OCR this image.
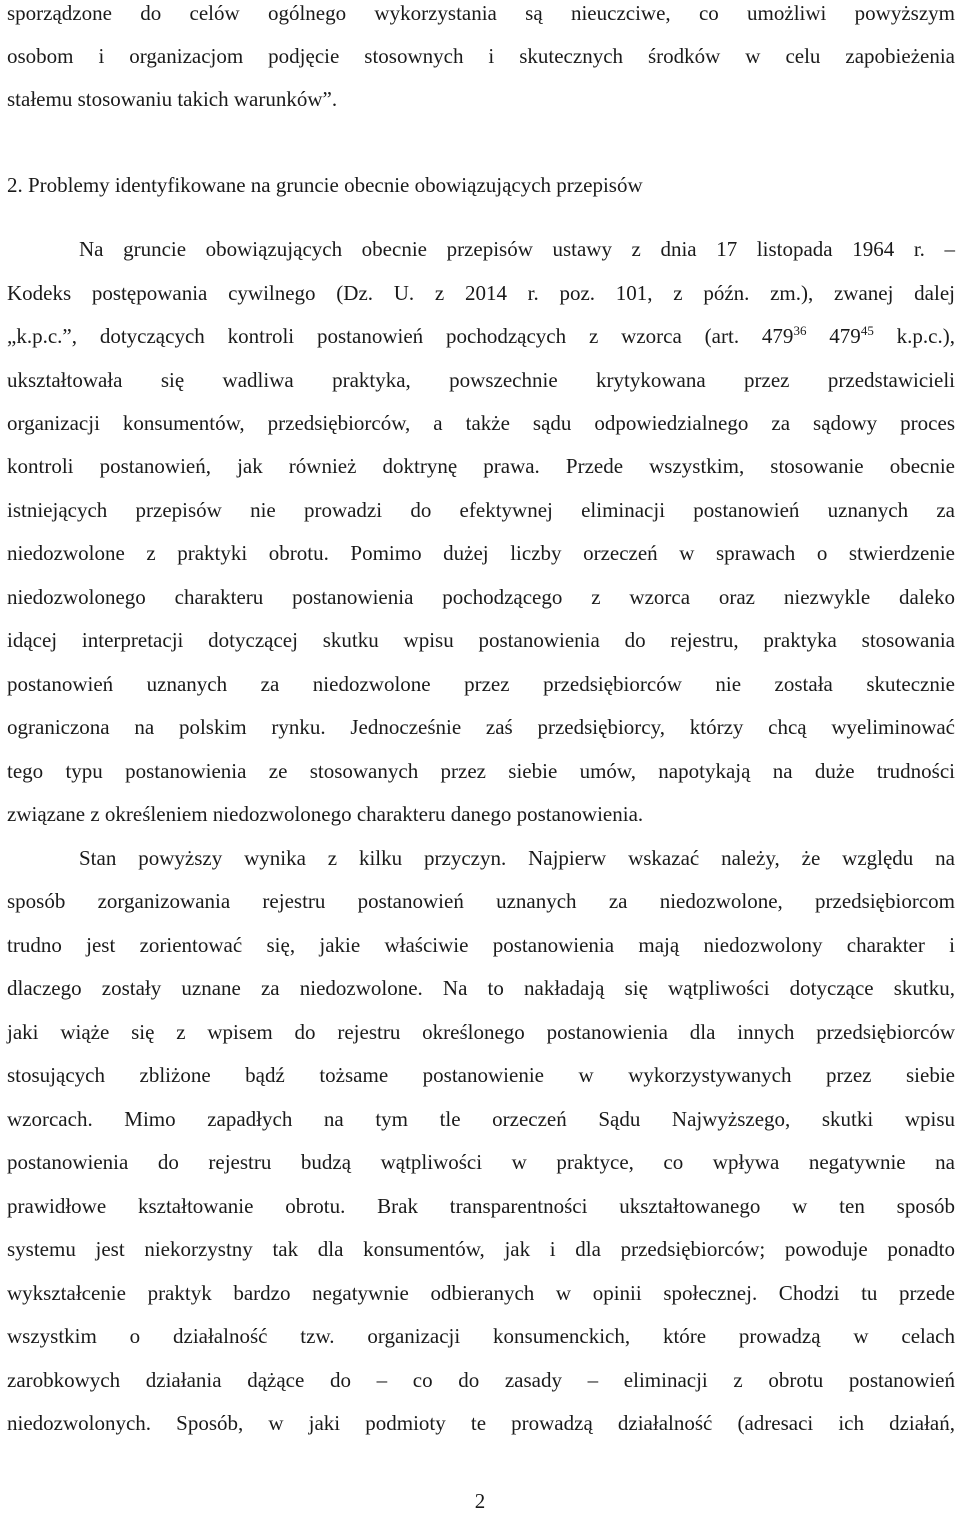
sporządzone do celów ogólnego wykorzystania są nieuczciwe, co umożliwi powyższym

osobom i organizacjom podjęcie stosownych i skutecznych środków w celu zapobieżenia

stałemu stosowaniu takich warunków”.

2. Problemy identyfikowane na gruncie obecnie obowiązujących przepisów

Na gruncie obowiązujących obecnie przepisów ustawy z dnia 17 listopada 1964 r. –

Kodeks postępowania cywilnego (Dz. U. z 2014 r. poz. 101, z późn. zm.), zwanej dalej

„k.p.c.”, dotyczących kontroli postanowień pochodzących z wzorca (art. $479^{36}$ $479^{45}$ k.p.c.),

ukształtowała się wadliwa praktyka, powszechnie krytykowana przez przedstawicieli

organizacji konsumentów, przedsiębiorców, a także sądu odpowiedzialnego za sądowy proces

kontroli postanowień, jak również doktrynę prawa. Przede wszystkim, stosowanie obecnie

istniejących przepisów nie prowadzi do efektywnej eliminacji postanowień uznanych za

niedozwolone z praktyki obrotu. Pomimo dużej liczby orzeczeń w sprawach o stwierdzenie

niedozwolonego charakteru postanowienia pochodzącego z wzorca oraz niezwykle daleko

idącej interpretacji dotyczącej skutku wpisu postanowienia do rejestru, praktyka stosowania

postanowień uznanych za niedozwolone przez przedsiębiorców nie została skutecznie

ograniczona na polskim rynku. Jednocześnie zaś przedsiębiorcy, którzy chcą wyeliminować

tego typu postanowienia ze stosowanych przez siebie umów, napotykają na duże trudności

związane z określeniem niedozwolonego charakteru danego postanowienia.

Stan powyższy wynika z kilku przyczyn. Najpierw wskazać należy, że względu na

sposób zorganizowania rejestru postanowień uznanych za niedozwolone, przedsiębiorcom

trudno jest zorientować się, jakie właściwie postanowienia mają niedozwolony charakter i

dlaczego zostały uznane za niedozwolone. Na to nakładają się wątpliwości dotyczące skutku,

jaki wiąże się z wpisem do rejestru określonego postanowienia dla innych przedsiębiorców

stosujących zbliżone bądź tożsame postanowienie w wykorzystywanych przez siebie

wzorcach. Mimo zapadłych na tym tle orzeczeń Sądu Najwyższego, skutki wpisu

postanowienia do rejestru budzą wątpliwości w praktyce, co wpływa negatywnie na

prawidłowe kształtowanie obrotu. Brak transparentności ukształtowanego w ten sposób

systemu jest niekorzystny tak dla konsumentów, jak i dla przedsiębiorców; powoduje ponadto

wykształcenie praktyk bardzo negatywnie odbieranych w opinii społecznej. Chodzi tu przede

wszystkim o działalność tzw. organizacji konsumenckich, które prowadzą w celach

zarobkowych działania dążące do – co do zasady – eliminacji z obrotu postanowień

niedozwolonych. Sposób, w jaki podmioty te prowadzą działalność (adresaci ich działań,

2
